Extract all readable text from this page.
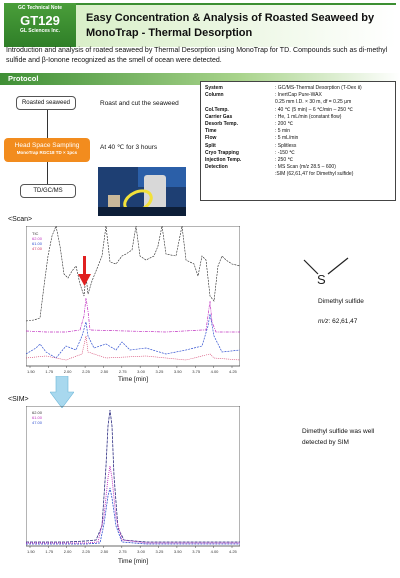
GC Technical Note
GT129
GL Sciences Inc.
Easy Concentration & Analysis of Roasted Seaweed by MonoTrap - Thermal Desorption
Introduction and analysis of roated seaweed by Thermal Desorption using MonoTrap for TD. Compounds such as di-methyl sulfide and β-Ionone recognized as the smell of ocean were detected.
Protocol
Roasted seaweed	Roast and cut the seaweed
Head Space Sampling
MonoTrap RGC18 TD × 1pcs
At 40 ℃ for 3 hours
TD/GC/MS
System	: GC/MS-Thermal Desorption (T-Dex Ⅱ)
Column	: InertCap Pure-WAX
0.25 mm I.D. × 30 m, df = 0.25 μm
Col.Temp.	: 40 ℃ (5 min) – 6 ℃/min – 250 ℃
Carrier Gas	: He, 1 mL/min (constant flow)
Desorb Temp.	: 200 ℃
Time	: 5 min
Flow	: 5 mL/min
Split	: Splitless
Cryo Trapping	: -150 ℃
Injection Temp.	: 250 ℃
Detection	: MS Scan (m/z 28.5 – 600)
:SIM (62,61,47 for Dimethyl sulfide)
<Scan>
TIC
62.00
61.00
47.00
1.50	1.75	2.00	2.25	2.50	2.75	3.00	3.25	3.50	3.75	4.00	4.25
Time [min]
S
Dimethyl sulfide
m/z: 62,61,47
<SIM>
62.00
61.00
47.00
1.50	1.75	2.00	2.25	2.50	2.75	3.00	3.25	3.50	3.75	4.00	4.25
Time [min]
Dimethyl sulfide was well
detected by SIM
